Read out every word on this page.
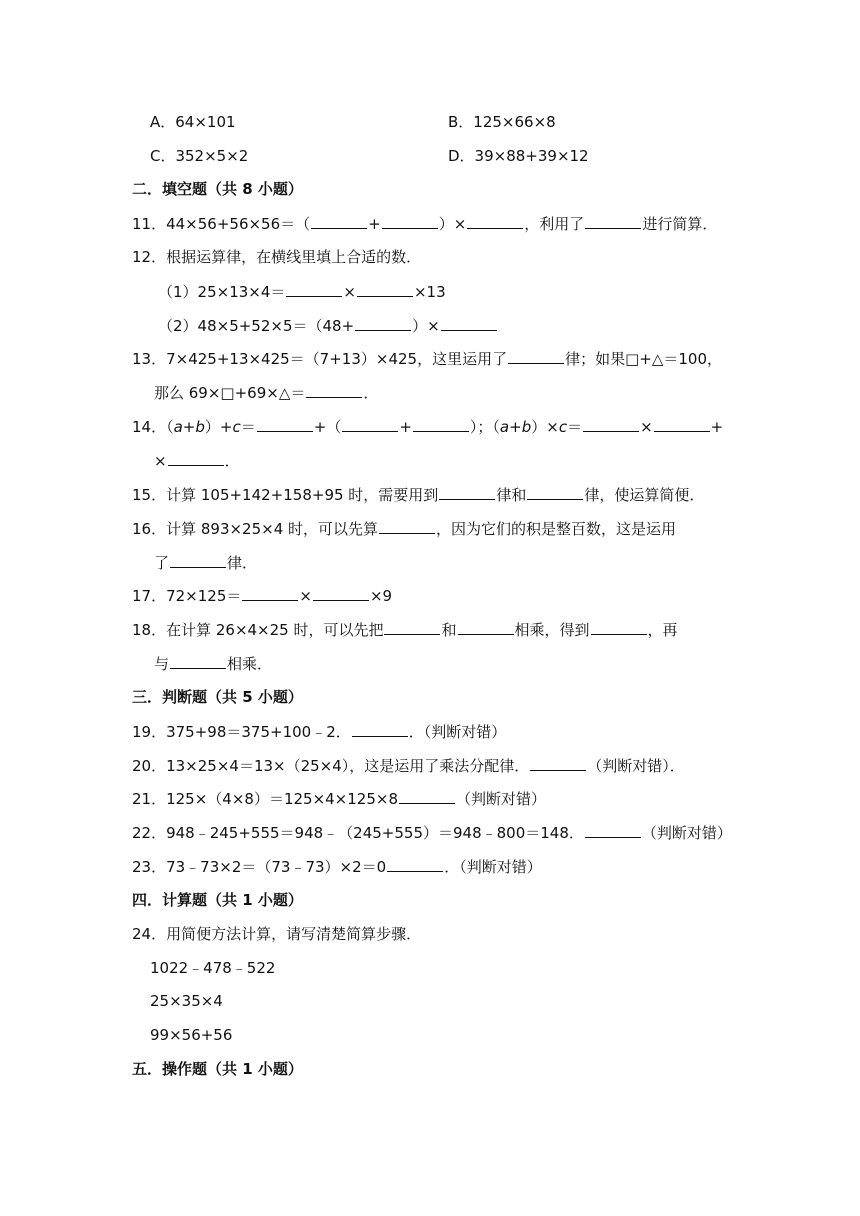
A．64×101	B．125×66×8
C．352×5×2	D．39×88+39×12
二．填空题（共 8 小题）
11．44×56+56×56＝（	+	）×	，利用了	进行简算．
12．根据运算律，在横线里填上合适的数．
（1）25×13×4＝	×	×13
（2）48×5+52×5＝（48+	）×
13．7×425+13×425＝（7+13）×425，这里运用了	律；如果□+△＝100，
那么 69×□+69×△＝	．
14．（a+b）+c＝	+（	+	）；（a+b）×c＝	×	+
×	．
15．计算 105+142+158+95 时，需要用到	律和	律，使运算简便．
16．计算 893×25×4 时，可以先算	，因为它们的积是整百数，这是运用
了	律．
17．72×125＝	×	×9
18．在计算 26×4×25 时，可以先把	和	相乘，得到	，再
与	相乘．
三．判断题（共 5 小题）
19．375+98＝375+100﹣2．	．（判断对错）
20．13×25×4＝13×（25×4），这是运用了乘法分配律．	（判断对错）．
21．125×（4×8）＝125×4×125×8	（判断对错）
22．948﹣245+555＝948﹣（245+555）＝948﹣800＝148．	（判断对错）
23．73﹣73×2＝（73﹣73）×2＝0	．（判断对错）
四．计算题（共 1 小题）
24．用简便方法计算，请写清楚简算步骤．
1022﹣478﹣522
25×35×4
99×56+56
五．操作题（共 1 小题）
